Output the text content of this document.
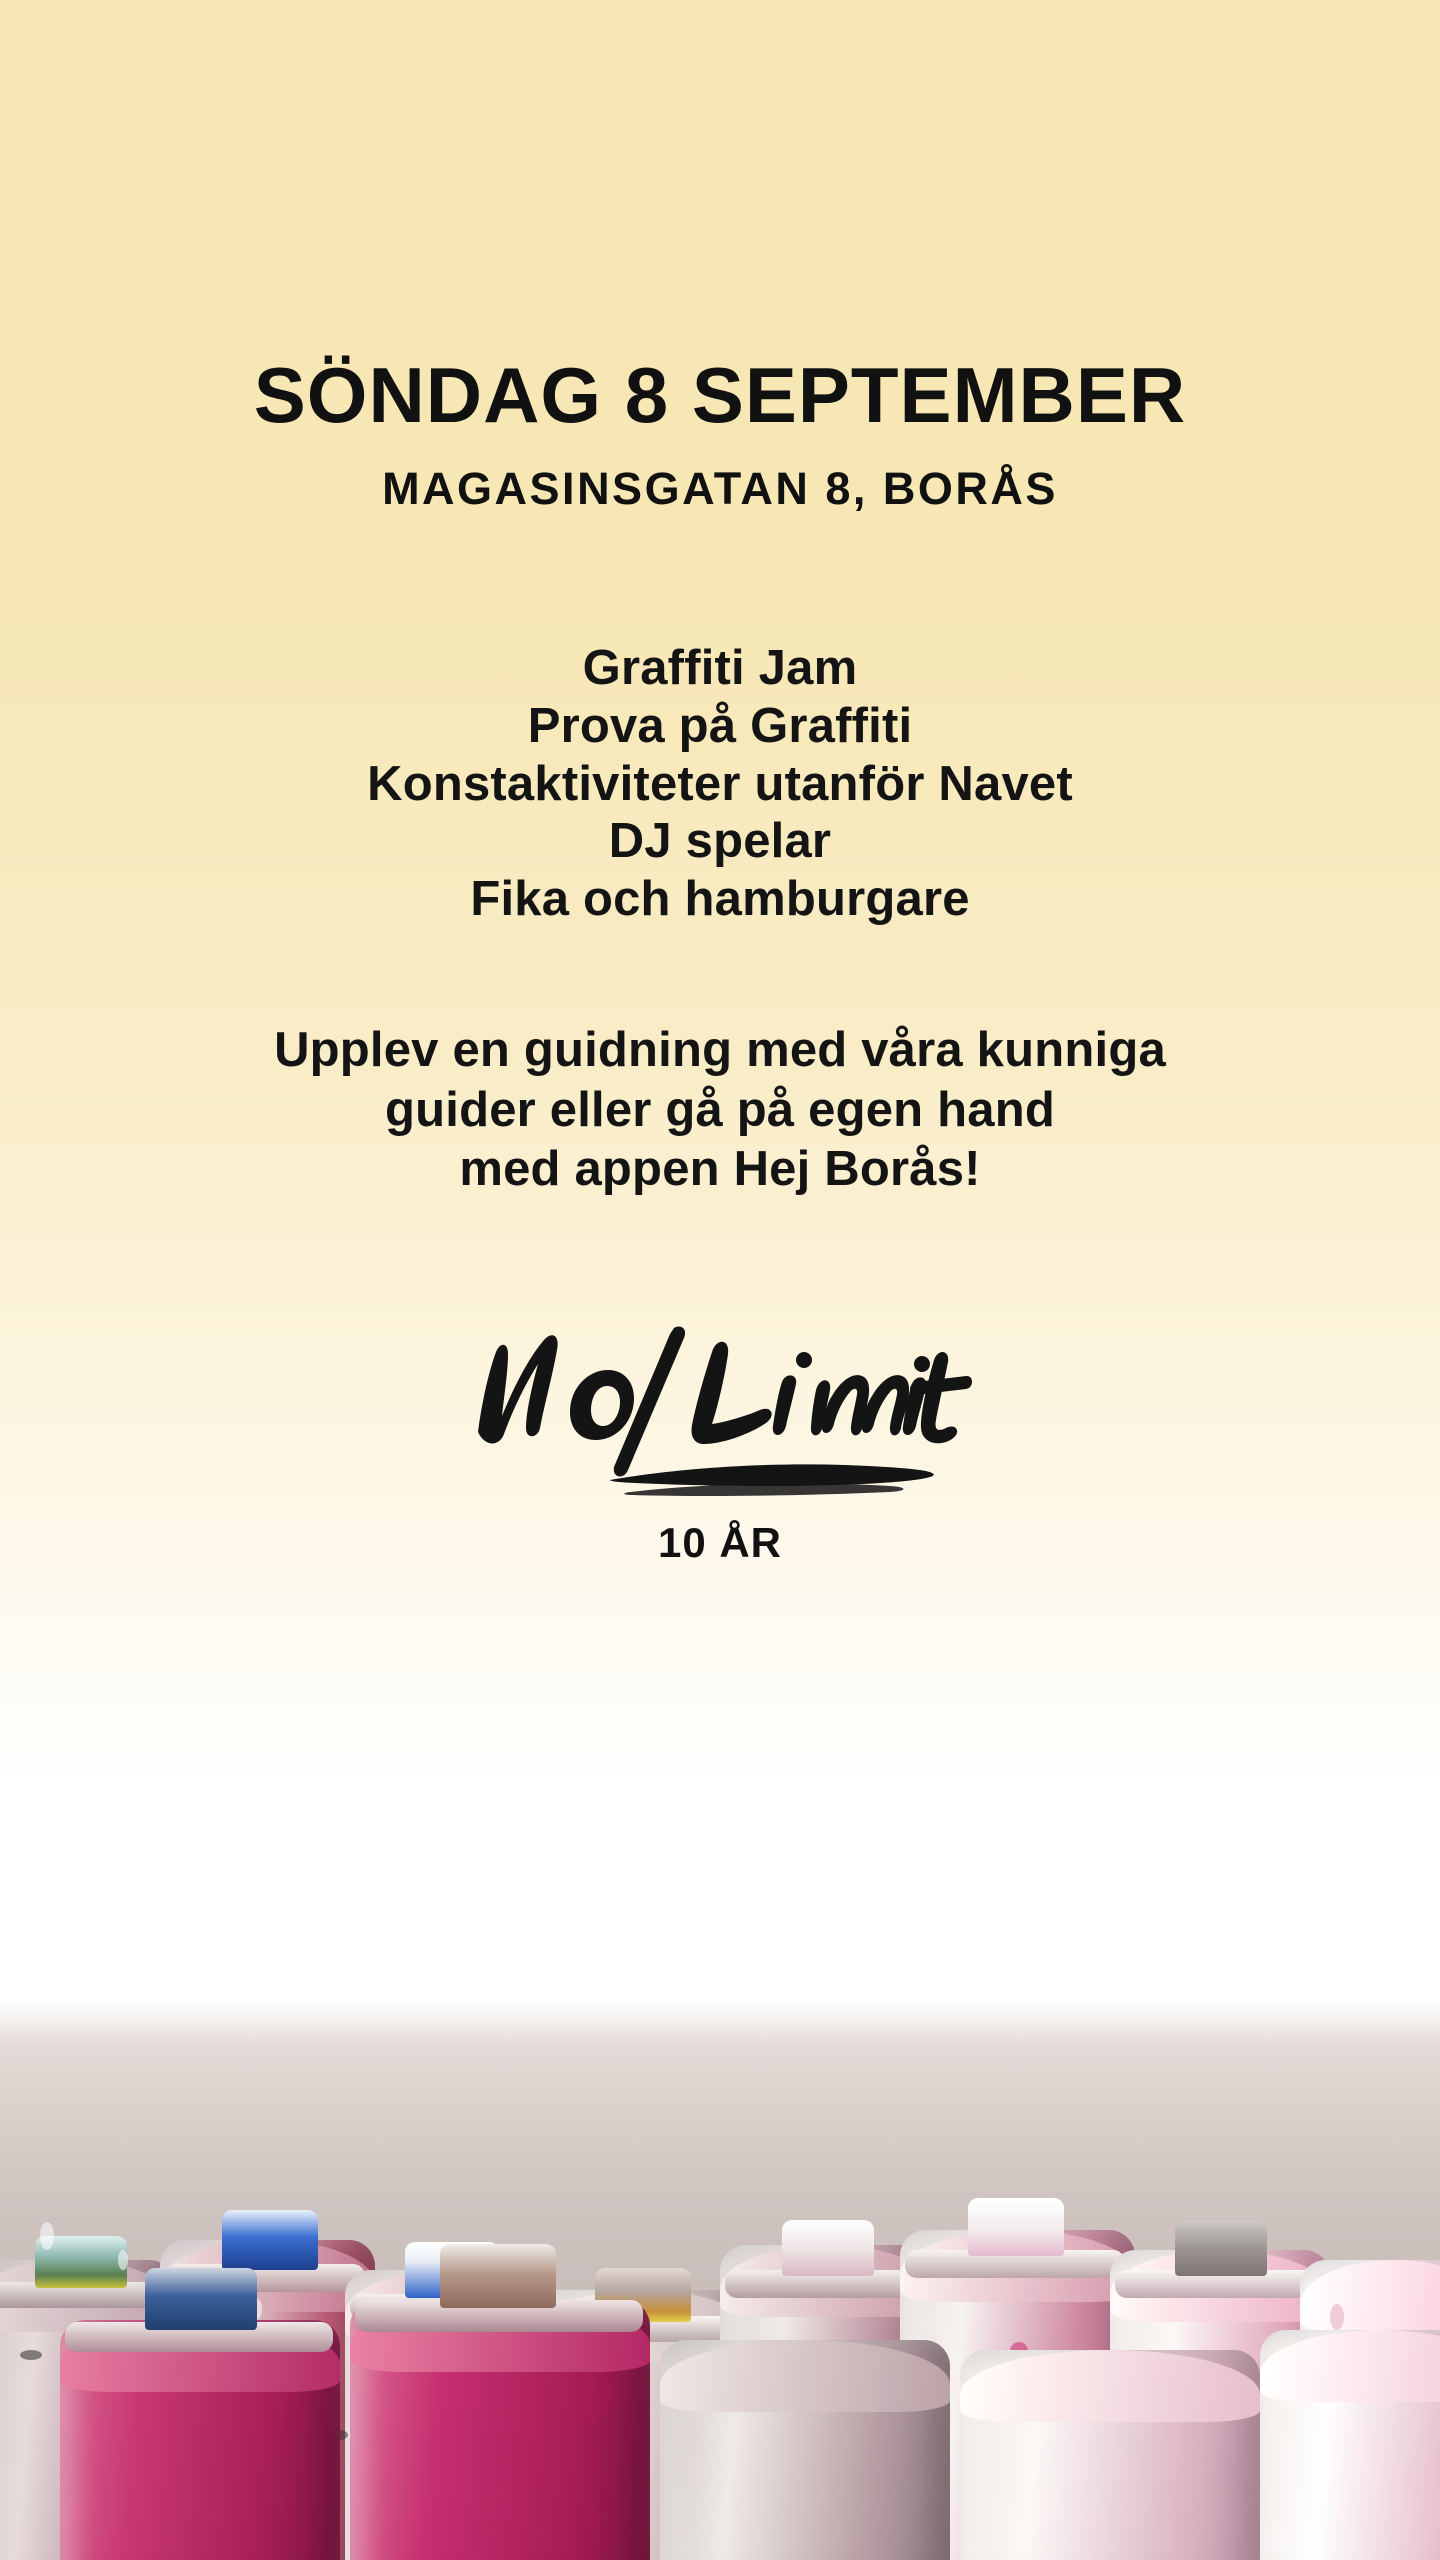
SÖNDAG 8 SEPTEMBER
MAGASINSGATAN 8, BORÅS
Graffiti Jam
Prova på Graffiti
Konstaktiviteter utanför Navet
DJ spelar
Fika och hamburgare
Upplev en guidning med våra kunniga
guider eller gå på egen hand
med appen Hej Borås!
10 ÅR
